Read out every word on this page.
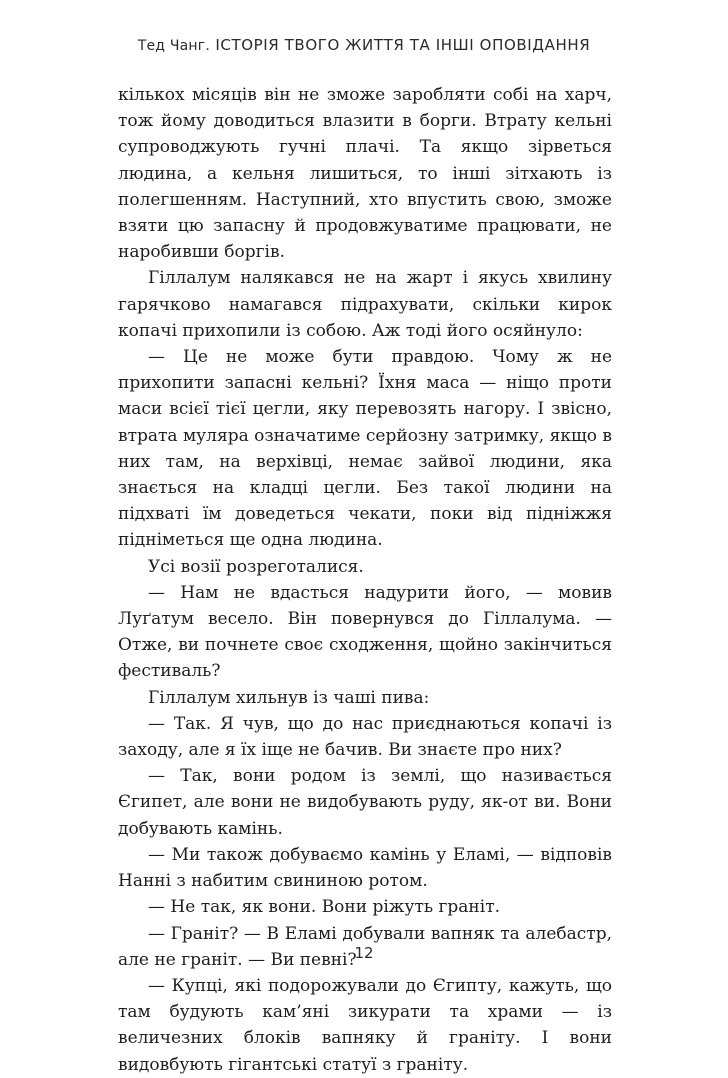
Тед Чанг. ІСТОРІЯ ТВОГО ЖИТТЯ ТА ІНШІ ОПОВІДАННЯ

кількох місяців він не зможе заробляти собі на харч, тож йому доводиться влазити в борги. Втрату кельні супроводжують гучні плачі. Та якщо зірветься людина, а кельня лишиться, то інші зітхають із полегшенням. Наступний, хто впустить свою, зможе взяти цю запасну й продовжуватиме працювати, не наробивши боргів.

Гіллалум налякався не на жарт і якусь хвилину гарячково намагався підрахувати, скільки кирок копачі прихопили із собою. Аж тоді його осяйнуло:

— Це не може бути правдою. Чому ж не прихопити запасні кельні? Їхня маса — ніщо проти маси всієї тієї цегли, яку перевозять нагору. І звісно, втрата муляра означатиме серйозну затримку, якщо в них там, на верхівці, немає зайвої людини, яка знається на кладці цегли. Без такої людини на підхваті їм доведеться чекати, поки від підніжжя підніметься ще одна людина.

Усі возії розреготалися.

— Нам не вдасться надурити його, — мовив Луґатум весело. Він повернувся до Гіллалума. — Отже, ви почнете своє сходження, щойно закінчиться фестиваль?

Гіллалум хильнув із чаші пива:

— Так. Я чув, що до нас приєднаються копачі із заходу, але я їх іще не бачив. Ви знаєте про них?

— Так, вони родом із землі, що називається Єгипет, але вони не видобувають руду, як-от ви. Вони добувають камінь.

— Ми також добуваємо камінь у Еламі, — відповів Нанні з набитим свининою ротом.

— Не так, як вони. Вони ріжуть граніт.

— Граніт? — В Еламі добували вапняк та алебастр, але не граніт. — Ви певні?

— Купці, які подорожували до Єгипту, кажуть, що там будують кам’яні зикурати та храми — із величезних блоків вапняку й граніту. І вони видовбують гігантські статуї з граніту.

12
